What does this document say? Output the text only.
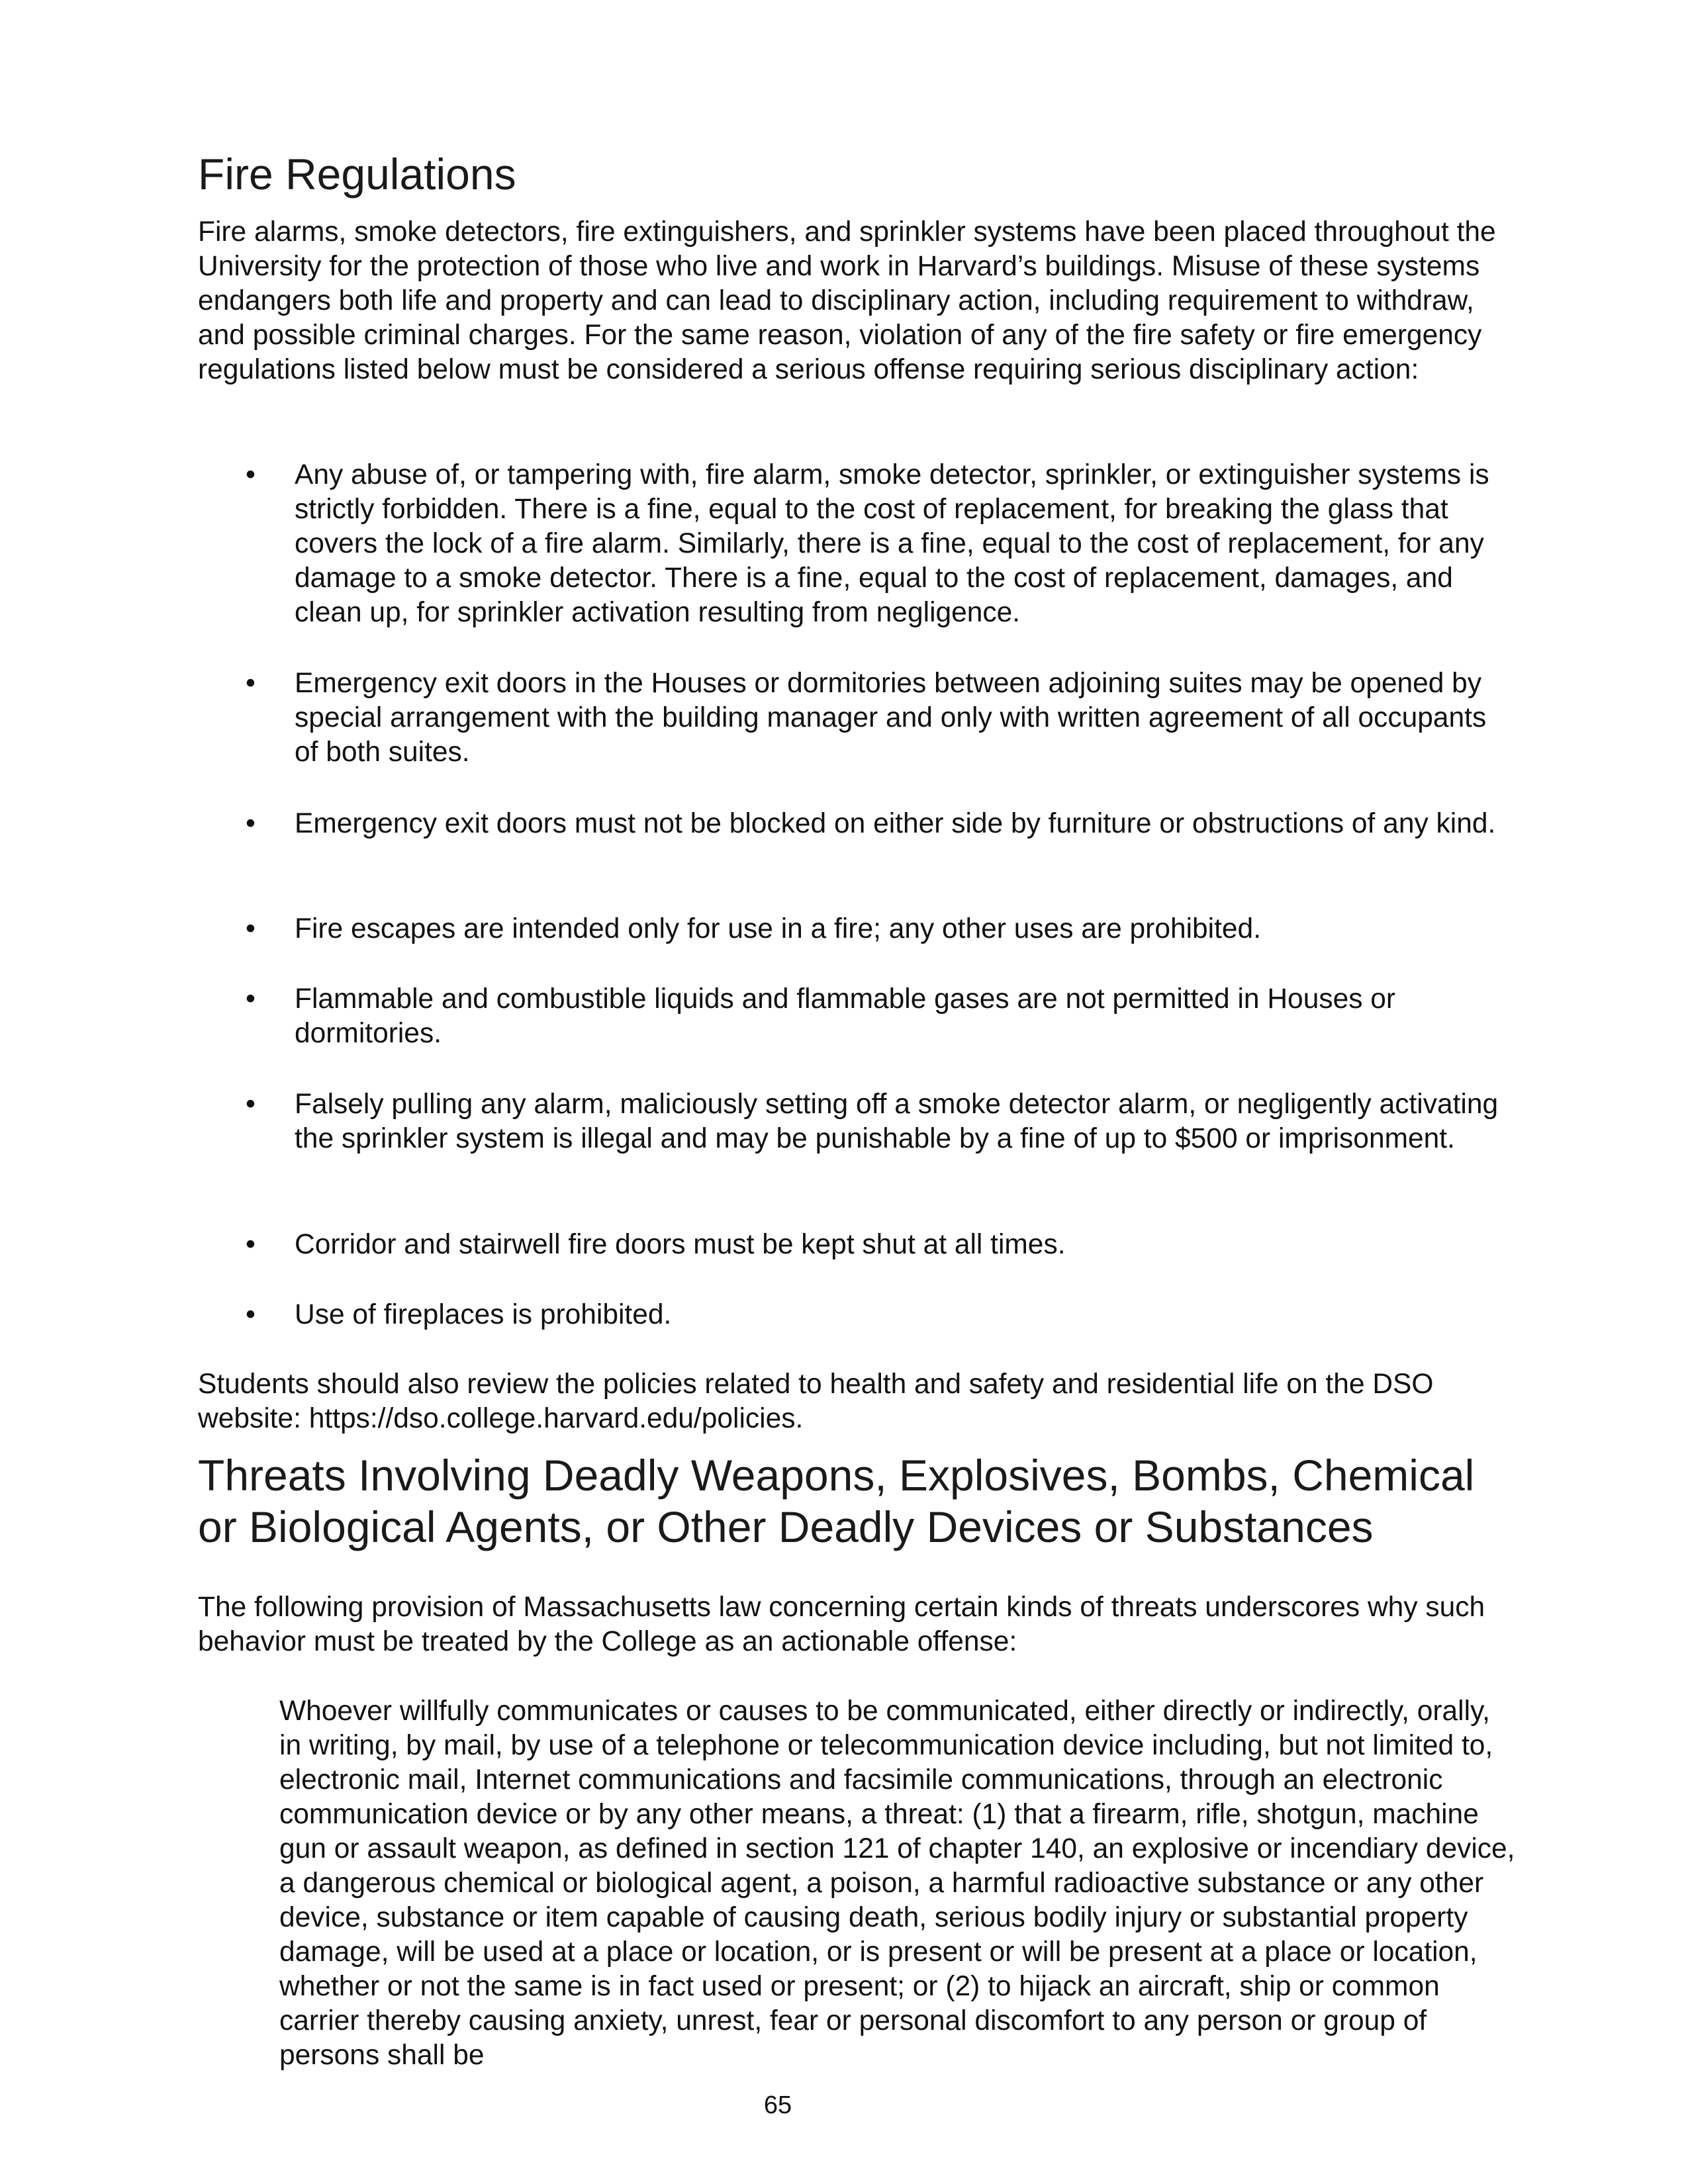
Fire Regulations

Fire alarms, smoke detectors, fire extinguishers, and sprinkler systems have been placed throughout the University for the protection of those who live and work in Harvard’s buildings. Misuse of these systems endangers both life and property and can lead to disciplinary action, including requirement to withdraw, and possible criminal charges. For the same reason, violation of any of the fire safety or fire emergency regulations listed below must be considered a serious offense requiring serious disciplinary action:

• Any abuse of, or tampering with, fire alarm, smoke detector, sprinkler, or extinguisher systems is strictly forbidden. There is a fine, equal to the cost of replacement, for breaking the glass that covers the lock of a fire alarm. Similarly, there is a fine, equal to the cost of replacement, for any damage to a smoke detector. There is a fine, equal to the cost of replacement, damages, and clean up, for sprinkler activation resulting from negligence.

• Emergency exit doors in the Houses or dormitories between adjoining suites may be opened by special arrangement with the building manager and only with written agreement of all occupants of both suites.

• Emergency exit doors must not be blocked on either side by furniture or obstructions of any kind.

• Fire escapes are intended only for use in a fire; any other uses are prohibited.

• Flammable and combustible liquids and flammable gases are not permitted in Houses or dormitories.

• Falsely pulling any alarm, maliciously setting off a smoke detector alarm, or negligently activating the sprinkler system is illegal and may be punishable by a fine of up to $500 or imprisonment.

• Corridor and stairwell fire doors must be kept shut at all times.

• Use of fireplaces is prohibited.

Students should also review the policies related to health and safety and residential life on the DSO website: https://dso.college.harvard.edu/policies.

Threats Involving Deadly Weapons, Explosives, Bombs, Chemical or Biological Agents, or Other Deadly Devices or Substances

The following provision of Massachusetts law concerning certain kinds of threats underscores why such behavior must be treated by the College as an actionable offense:

Whoever willfully communicates or causes to be communicated, either directly or indirectly, orally, in writing, by mail, by use of a telephone or telecommunication device including, but not limited to, electronic mail, Internet communications and facsimile communications, through an electronic communication device or by any other means, a threat: (1) that a firearm, rifle, shotgun, machine gun or assault weapon, as defined in section 121 of chapter 140, an explosive or incendiary device, a dangerous chemical or biological agent, a poison, a harmful radioactive substance or any other device, substance or item capable of causing death, serious bodily injury or substantial property damage, will be used at a place or location, or is present or will be present at a place or location, whether or not the same is in fact used or present; or (2) to hijack an aircraft, ship or common carrier thereby causing anxiety, unrest, fear or personal discomfort to any person or group of persons shall be

65
